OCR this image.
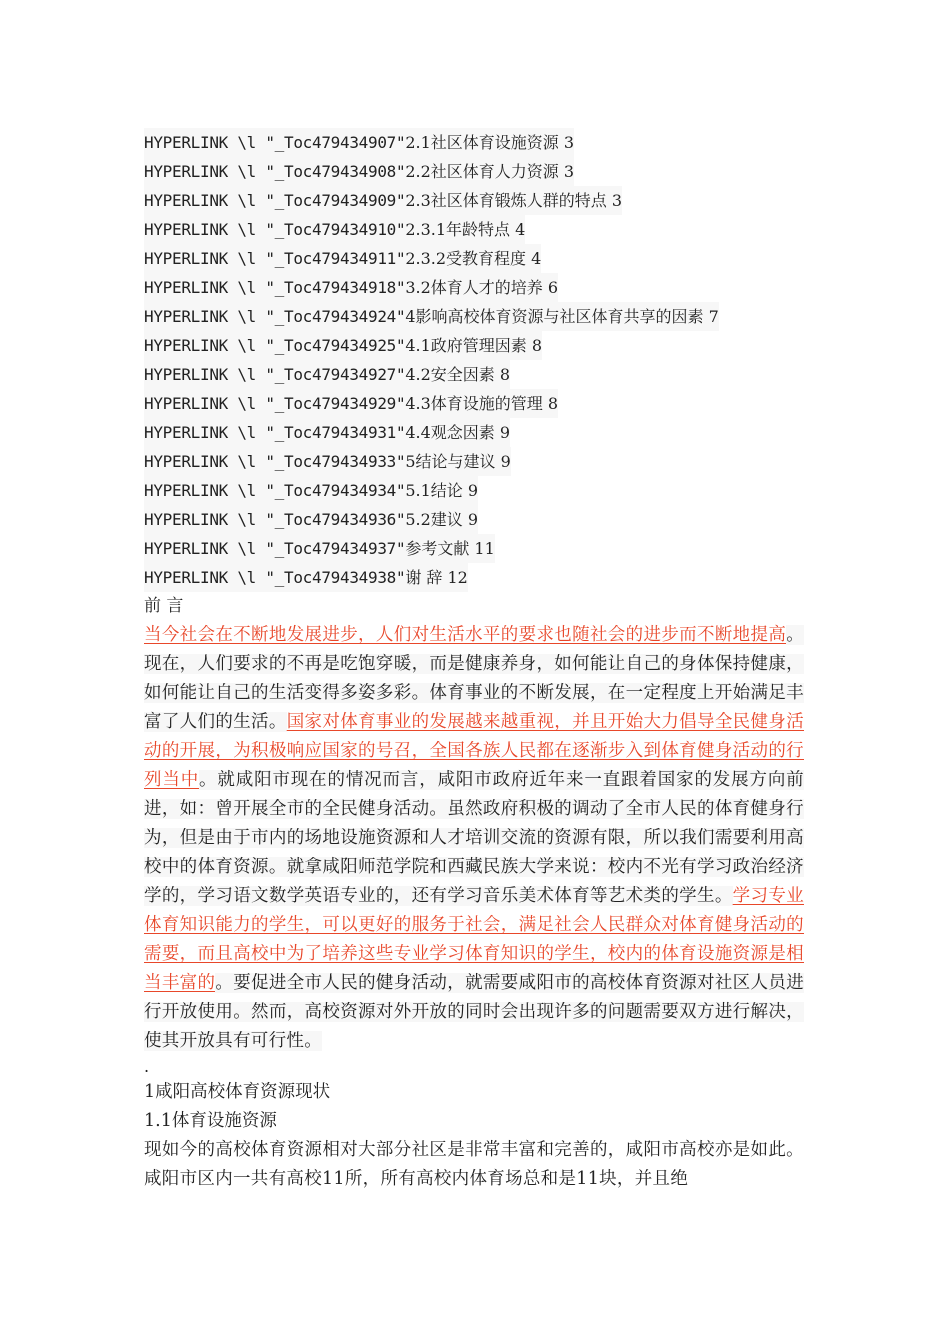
HYPERLINK \l "_Toc479434907"2.1社区体育设施资源 3
HYPERLINK \l "_Toc479434908"2.2社区体育人力资源 3
HYPERLINK \l "_Toc479434909"2.3社区体育锻炼人群的特点 3
HYPERLINK \l "_Toc479434910"2.3.1年龄特点 4
HYPERLINK \l "_Toc479434911"2.3.2受教育程度 4
HYPERLINK \l "_Toc479434918"3.2体育人才的培养 6
HYPERLINK \l "_Toc479434924"4影响高校体育资源与社区体育共享的因素 7
HYPERLINK \l "_Toc479434925"4.1政府管理因素 8
HYPERLINK \l "_Toc479434927"4.2安全因素 8
HYPERLINK \l "_Toc479434929"4.3体育设施的管理 8
HYPERLINK \l "_Toc479434931"4.4观念因素 9
HYPERLINK \l "_Toc479434933"5结论与建议 9
HYPERLINK \l "_Toc479434934"5.1结论 9
HYPERLINK \l "_Toc479434936"5.2建议 9
HYPERLINK \l "_Toc479434937"参考文献 11
HYPERLINK \l "_Toc479434938"谢 辞 12
前 言

当今社会在不断地发展进步，人们对生活水平的要求也随社会的进步而不断地提高。现在，人们要求的不再是吃饱穿暖，而是健康养身，如何能让自己的身体保持健康，如何能让自己的生活变得多姿多彩。体育事业的不断发展，在一定程度上开始满足丰富了人们的生活。国家对体育事业的发展越来越重视，并且开始大力倡导全民健身活动的开展，为积极响应国家的号召，全国各族人民都在逐渐步入到体育健身活动的行列当中。就咸阳市现在的情况而言，咸阳市政府近年来一直跟着国家的发展方向前进，如：曾开展全市的全民健身活动。虽然政府积极的调动了全市人民的体育健身行为，但是由于市内的场地设施资源和人才培训交流的资源有限，所以我们需要利用高校中的体育资源。就拿咸阳师范学院和西藏民族大学来说：校内不光有学习政治经济学的，学习语文数学英语专业的，还有学习音乐美术体育等艺术类的学生。学习专业体育知识能力的学生，可以更好的服务于社会，满足社会人民群众对体育健身活动的需要，而且高校中为了培养这些专业学习体育知识的学生，校内的体育设施资源是相当丰富的。要促进全市人民的健身活动，就需要咸阳市的高校体育资源对社区人员进行开放使用。然而，高校资源对外开放的同时会出现许多的问题需要双方进行解决，使其开放具有可行性。

.
1咸阳高校体育资源现状
1.1体育设施资源

现如今的高校体育资源相对大部分社区是非常丰富和完善的，咸阳市高校亦是如此。咸阳市区内一共有高校11所，所有高校内体育场总和是11块，并且绝
